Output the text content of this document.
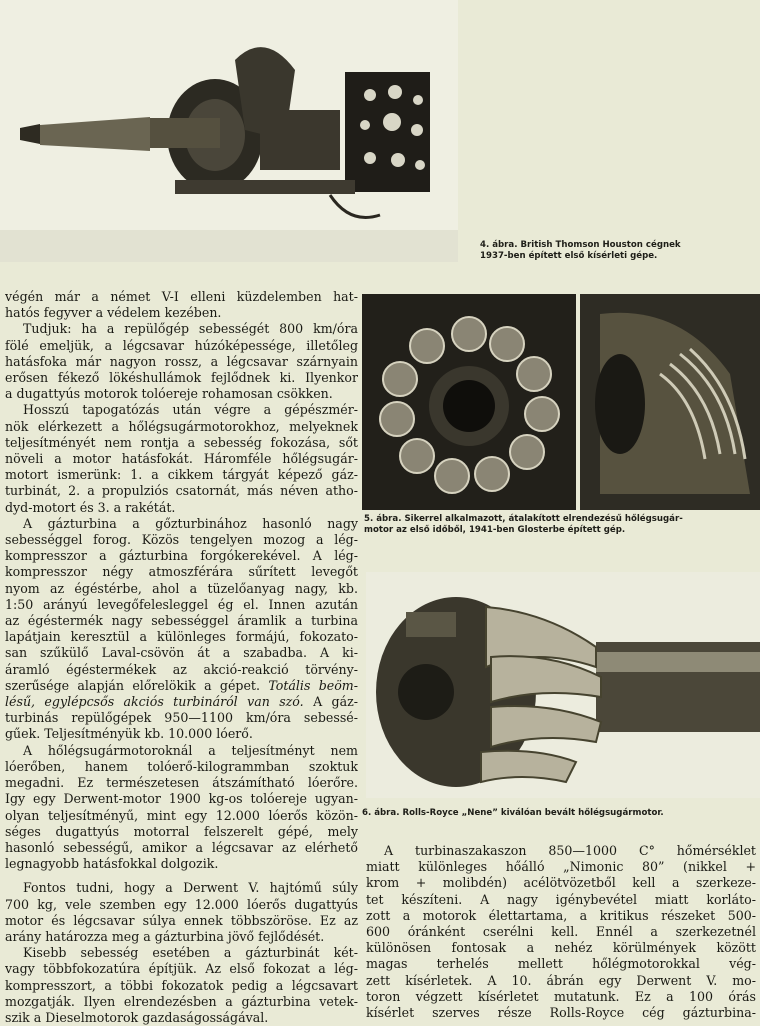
4. ábra. British Thomson Houston cégnek
1937-ben épített első kísérleti gépe.
5. ábra. Sikerrel alkalmazott, átalakított elrendezésű hőlégsugár-
motor az első időből, 1941-ben Glosterbe épített gép.
6. ábra. Rolls-Royce „Nene” kiválóan bevált hőlégsugármotor.
végén már a német V-I elleni küzdelemben hat-
hatós fegyver a védelem kezében.
Tudjuk: ha a repülőgép sebességét 800 km/óra
fölé emeljük, a légcsavar húzóképessége, illetőleg
hatásfoka már nagyon rossz, a légcsavar szárnyain
erősen fékező lökéshullámok fejlődnek ki. Ilyenkor
a dugattyús motorok tolóereje rohamosan csökken.
Hosszú tapogatózás után végre a gépészmér-
nök elérkezett a hőlégsugármotorokhoz, melyeknek
teljesítményét nem rontja a sebesség fokozása, sőt
növeli a motor hatásfokát. Háromféle hőlégsugár-
motort ismerünk: 1. a cikkem tárgyát képező gáz-
turbinát, 2. a propulziós csatornát, más néven athο-
dyd-motort és 3. a rakétát.
A gázturbina a gőzturbinához hasonló nagy
sebességgel forog. Közös tengelyen mozog a lég-
kompresszor a gázturbina forgókerekével. A lég-
kompresszor négy atmoszférára sűrített levegőt
nyom az égéstérbe, ahol a tüzelőanyag nagy, kb.
1:50 arányú levegőfelesleggel ég el. Innen azután
az égéstermék nagy sebességgel áramlik a turbina
lapátjain keresztül a különleges formájú, fokozato-
san szűkülő Laval-csövön át a szabadba. A ki-
áramló égéstermékek az akció-reakció törvény-
szerűsége alapján előrelökik a gépet. Totális beöm-
lésű, egylépcsős akciós turbináról van szó. A gáz-
turbinás repülőgépek 950—1100 km/óra sebessé-
gűek. Teljesítményük kb. 10.000 lóerő.
A hőlégsugármotoroknál a teljesítményt nem
lóerőben, hanem tolóerő-kilogrammban szoktuk
megadni. Ez természetesen átszámítható lóerőre.
Igy egy Derwent-motor 1900 kg-os tolóereje ugyan-
olyan teljesítményű, mint egy 12.000 lóerős közön-
séges dugattyús motorral felszerelt gépé, mely
hasonló sebességű, amikor a légcsavar az elérhető
legnagyobb hatásfokkal dolgozik.
Fontos tudni, hogy a Derwent V. hajtómű súly
700 kg, vele szemben egy 12.000 lóerős dugattyús
motor és légcsavar súlya ennek többszöröse. Ez az
arány határozza meg a gázturbina jövő fejlődését.
Kisebb sebesség esetében a gázturbinát két-
vagy többfokozatúra építjük. Az első fokozat a lég-
kompresszort, a többi fokozatok pedig a légcsavart
mozgatják. Ilyen elrendezésben a gázturbina vetek-
szik a Dieselmotorok gazdaságosságával.
A turbinaszakaszon 850—1000 C° hőmérséklet
miatt különleges hőálló „Nimonic 80” (nikkel +
krom + molibdén) acélötvözetből kell a szerkeze-
tet készíteni. A nagy igénybevétel miatt korláto-
zott a motorok élettartama, a kritikus részeket 500-
600 óránként cserélni kell. Ennél a szerkezetnél
különösen fontosak a nehéz körülmények között
magas terhelés mellett hőlégmotorokkal vég-
zett kísérletek. A 10. ábrán egy Derwent V. mo-
toron végzett kísérletet mutatunk. Ez a 100 órás
kísérlet szerves része Rolls-Royce cég gázturbina-
